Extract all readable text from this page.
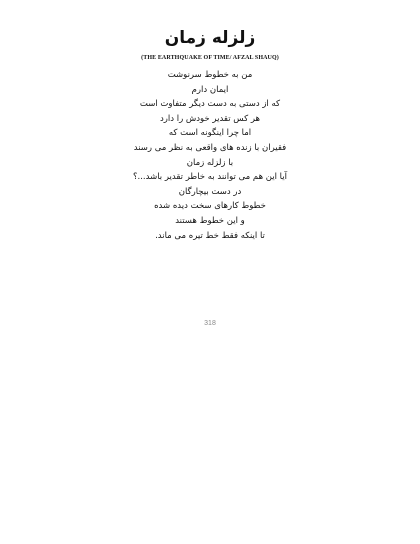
زلزله زمان
(THE EARTHQUAKE OF TIME/ AFZAL SHAUQ)
من به خطوط سرنوشت
ایمان دارم
که از دستی به دست دیگر متفاوت است
هر کس تقدیر خودش را دارد
اما چرا اینگونه است که
فقیران با زنده های واقعی به نظر می رسند
با زلزله زمان
آیا این هم می توانند به خاطر تقدیر باشد...؟
در دست بیچارگان
خطوط کارهای سخت دیده شده
و این خطوط هستند
تا اینکه فقط خط تیره می ماند.
318
